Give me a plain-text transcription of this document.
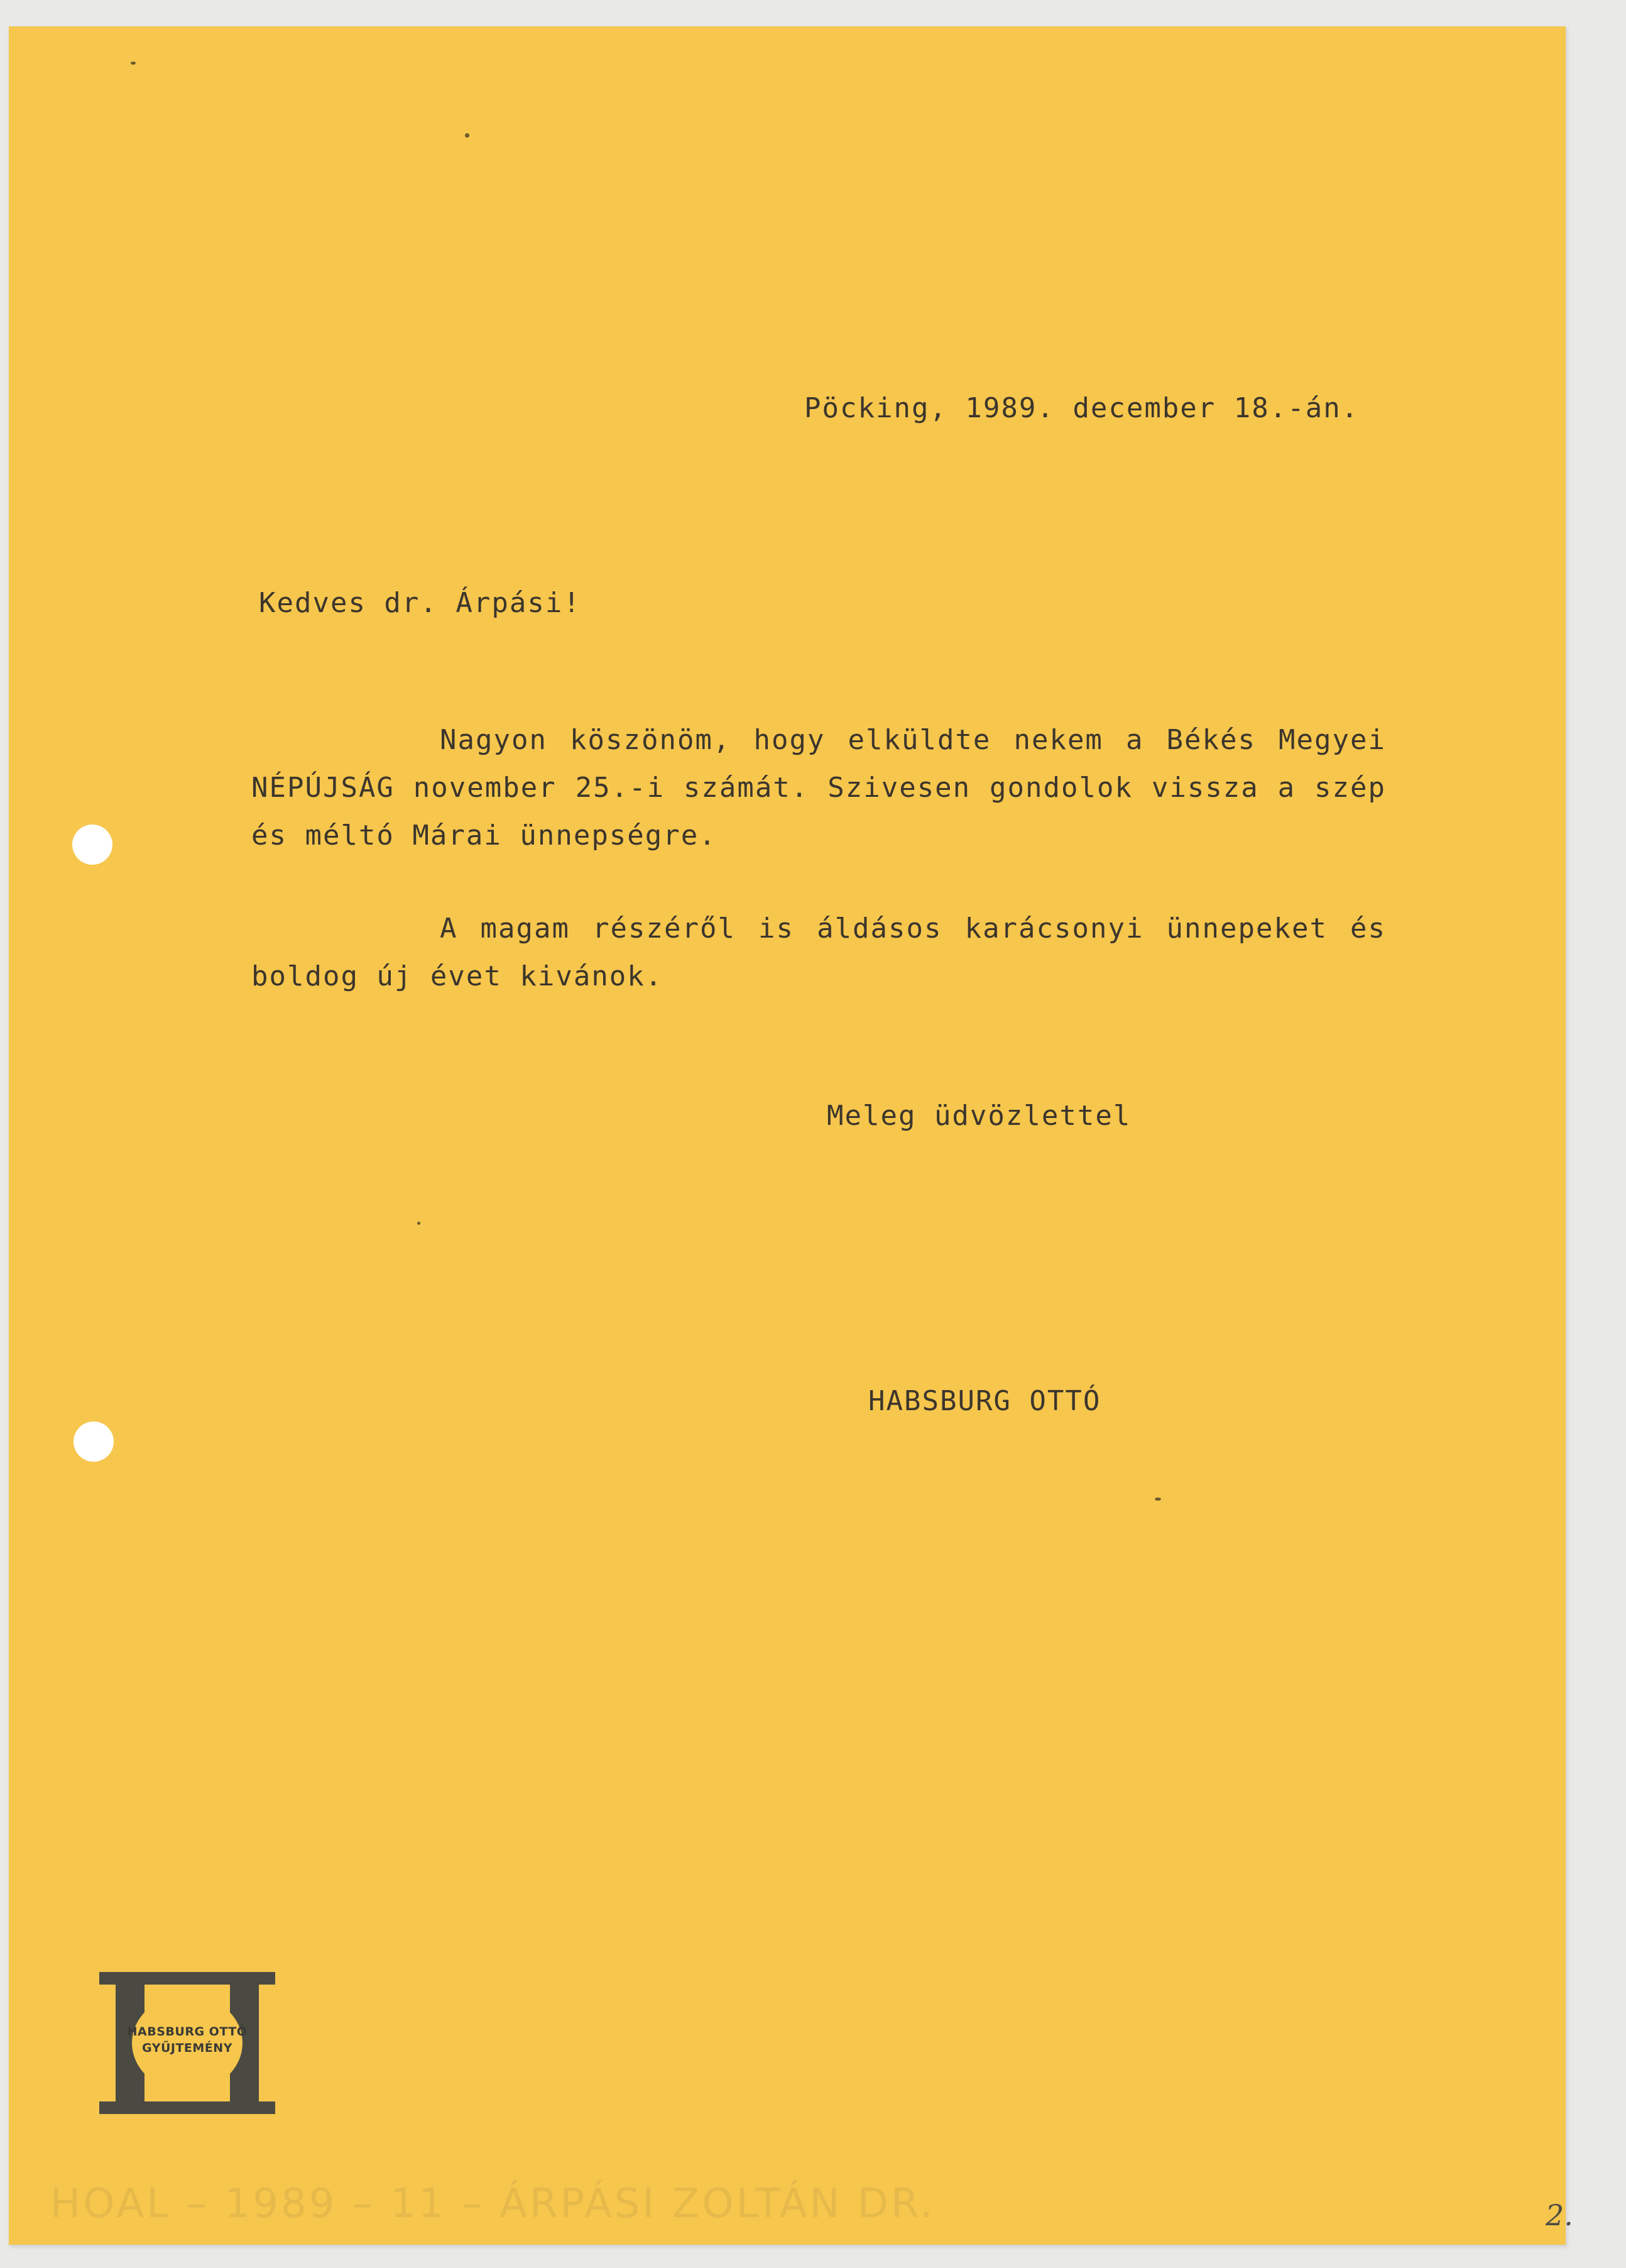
Pöcking, 1989. december 18.-án.
Kedves dr. Árpási!
Nagyon köszönöm, hogy elküldte nekem a Békés Megyei NÉPÚJSÁG november 25.-i számát. Szivesen gondolok vissza a szép és méltó Márai ünnepségre.
A magam részéről is áldásos karácsonyi ünnepeket és boldog új évet kivánok.
Meleg üdvözlettel
HABSBURG OTTÓ
HABSBURG OTTÓ
GYŰJTEMÉNY
HOAL – 1989 – 11 – ÁRPÁSI ZOLTÁN DR.	2.
